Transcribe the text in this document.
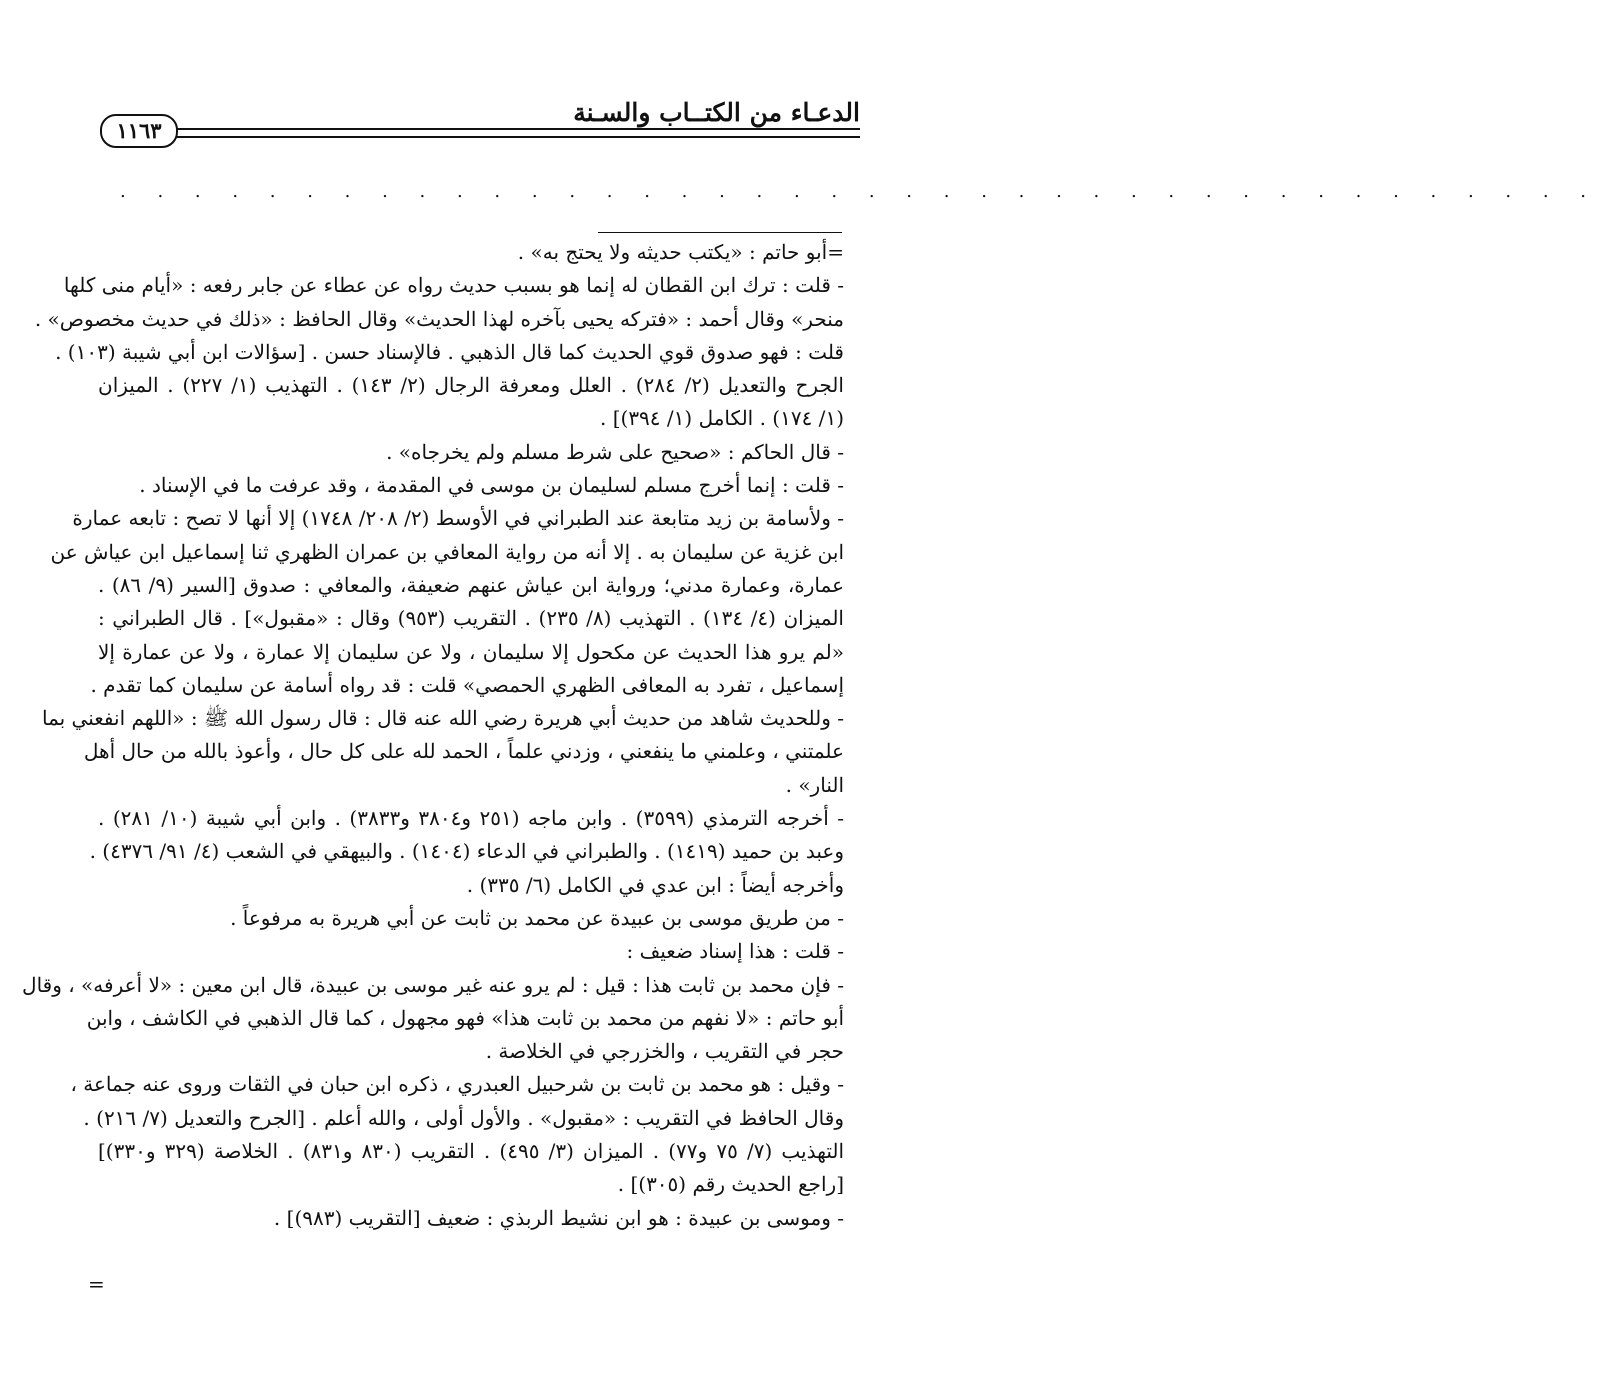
الدعـاء من الكتــاب والسـنة
١١٦٣
. . . . . . . . . . . . . . . . . . . . . . . . . . . . . . . . . . . . . . . .
=أبو حاتم : «يكتب حديثه ولا يحتج به» .
- قلت : ترك ابن القطان له إنما هو بسبب حديث رواه عن عطاء عن جابر رفعه : «أيام منى كلها
منحر» وقال أحمد : «فتركه يحيى بآخره لهذا الحديث» وقال الحافظ : «ذلك في حديث مخصوص» .
قلت : فهو صدوق قوي الحديث كما قال الذهبي . فالإسناد حسن . [سؤالات ابن أبي شيبة (١٠٣) .
الجرح والتعديل (٢/ ٢٨٤) . العلل ومعرفة الرجال (٢/ ١٤٣) . التهذيب (١/ ٢٢٧) . الميزان
(١/ ١٧٤) . الكامل (١/ ٣٩٤)] .
- قال الحاكم : «صحيح على شرط مسلم ولم يخرجاه» .
- قلت : إنما أخرج مسلم لسليمان بن موسى في المقدمة ، وقد عرفت ما في الإسناد .
- ولأسامة بن زيد متابعة عند الطبراني في الأوسط (٢/ ٢٠٨/ ١٧٤٨) إلا أنها لا تصح : تابعه عمارة
ابن غزية عن سليمان به . إلا أنه من رواية المعافي بن عمران الظهري ثنا إسماعيل ابن عياش عن
عمارة، وعمارة مدني؛ ورواية ابن عياش عنهم ضعيفة، والمعافي : صدوق [السير (٩/ ٨٦) .
الميزان (٤/ ١٣٤) . التهذيب (٨/ ٢٣٥) . التقريب (٩٥٣) وقال : «مقبول»] . قال الطبراني :
«لم يرو هذا الحديث عن مكحول إلا سليمان ، ولا عن سليمان إلا عمارة ، ولا عن عمارة إلا
إسماعيل ، تفرد به المعافى الظهري الحمصي» قلت : قد رواه أسامة عن سليمان كما تقدم .
- وللحديث شاهد من حديث أبي هريرة رضي الله عنه قال : قال رسول الله ﷺ : «اللهم انفعني بما
علمتني ، وعلمني ما ينفعني ، وزدني علماً ، الحمد لله على كل حال ، وأعوذ بالله من حال أهل
النار» .
- أخرجه الترمذي (٣٥٩٩) . وابن ماجه (٢٥١ و٣٨٠٤ و٣٨٣٣) . وابن أبي شيبة (١٠/ ٢٨١) .
وعبد بن حميد (١٤١٩) . والطبراني في الدعاء (١٤٠٤) . والبيهقي في الشعب (٤/ ٩١/ ٤٣٧٦) .
وأخرجه أيضاً : ابن عدي في الكامل (٦/ ٣٣٥) .
- من طريق موسى بن عبيدة عن محمد بن ثابت عن أبي هريرة به مرفوعاً .
- قلت : هذا إسناد ضعيف :
- فإن محمد بن ثابت هذا : قيل : لم يرو عنه غير موسى بن عبيدة، قال ابن معين : «لا أعرفه» ، وقال
أبو حاتم : «لا نفهم من محمد بن ثابت هذا» فهو مجهول ، كما قال الذهبي في الكاشف ، وابن
حجر في التقريب ، والخزرجي في الخلاصة .
- وقيل : هو محمد بن ثابت بن شرحبيل العبدري ، ذكره ابن حبان في الثقات وروى عنه جماعة ،
وقال الحافظ في التقريب : «مقبول» . والأول أولى ، والله أعلم . [الجرح والتعديل (٧/ ٢١٦) .
التهذيب (٧/ ٧٥ و٧٧) . الميزان (٣/ ٤٩٥) . التقريب (٨٣٠ و٨٣١) . الخلاصة (٣٢٩ و٣٣٠)]
[راجع الحديث رقم (٣٠٥)] .
- وموسى بن عبيدة : هو ابن نشيط الربذي : ضعيف [التقريب (٩٨٣)] .
=
